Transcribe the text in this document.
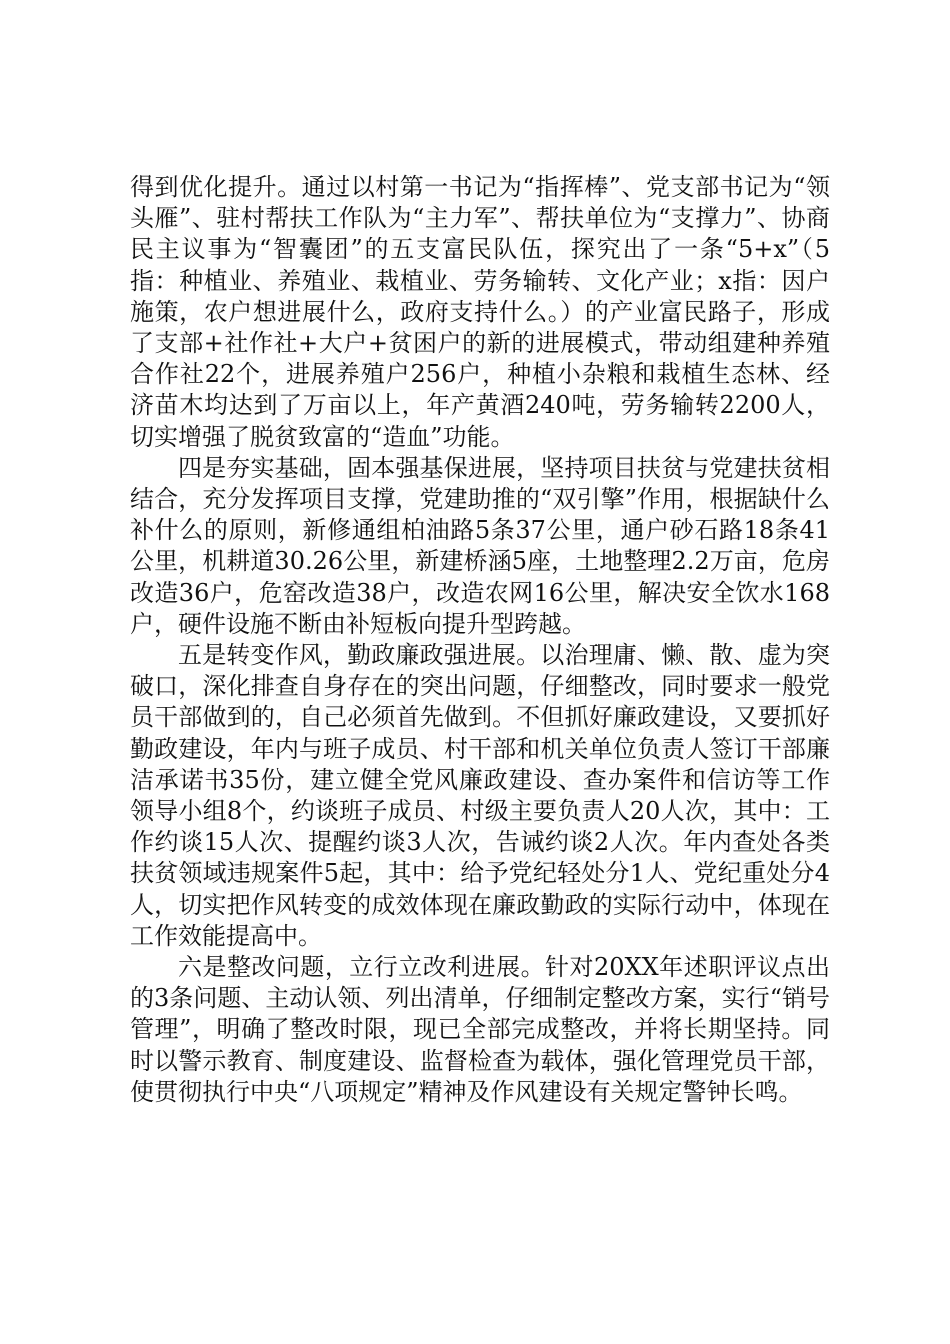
得到优化提升。通过以村第一书记为“指挥棒”、党支部书记为“领头雁”、驻村帮扶工作队为“主力军”、帮扶单位为“支撑力”、协商民主议事为“智囊团”的五支富民队伍，探究出了一条“5+x”（5指：种植业、养殖业、栽植业、劳务输转、文化产业；x指：因户施策，农户想进展什么，政府支持什么。）的产业富民路子，形成了支部+社作社+大户+贫困户的新的进展模式，带动组建种养殖合作社22个，进展养殖户256户，种植小杂粮和栽植生态林、经济苗木均达到了万亩以上，年产黄酒240吨，劳务输转2200人，切实增强了脱贫致富的“造血”功能。

四是夯实基础，固本强基保进展，坚持项目扶贫与党建扶贫相结合，充分发挥项目支撑，党建助推的“双引擎”作用，根据缺什么补什么的原则，新修通组柏油路5条37公里，通户砂石路18条41公里，机耕道30.26公里，新建桥涵5座，土地整理2.2万亩，危房改造36户，危窑改造38户，改造农网16公里，解决安全饮水168户，硬件设施不断由补短板向提升型跨越。

五是转变作风，勤政廉政强进展。以治理庸、懒、散、虚为突破口，深化排查自身存在的突出问题，仔细整改，同时要求一般党员干部做到的，自己必须首先做到。不但抓好廉政建设，又要抓好勤政建设，年内与班子成员、村干部和机关单位负责人签订干部廉洁承诺书35份，建立健全党风廉政建设、查办案件和信访等工作领导小组8个，约谈班子成员、村级主要负责人20人次，其中：工作约谈15人次、提醒约谈3人次，告诫约谈2人次。年内查处各类扶贫领域违规案件5起，其中：给予党纪轻处分1人、党纪重处分4人，切实把作风转变的成效体现在廉政勤政的实际行动中，体现在工作效能提高中。

六是整改问题，立行立改利进展。针对20XX年述职评议点出的3条问题、主动认领、列出清单，仔细制定整改方案，实行“销号管理”，明确了整改时限，现已全部完成整改，并将长期坚持。同时以警示教育、制度建设、监督检查为载体，强化管理党员干部，使贯彻执行中央“八项规定”精神及作风建设有关规定警钟长鸣。
